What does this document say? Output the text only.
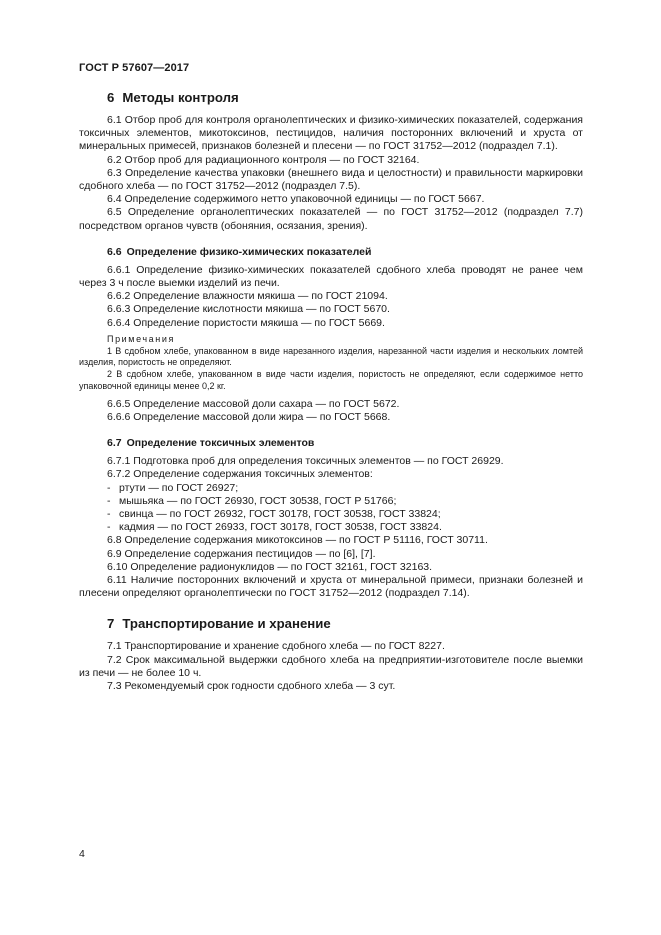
ГОСТ Р 57607—2017
6 Методы контроля

6.1 Отбор проб для контроля органолептических и физико-химических показателей, содержания токсичных элементов, микотоксинов, пестицидов, наличия посторонних включений и хруста от минеральных примесей, признаков болезней и плесени — по ГОСТ 31752—2012 (подраздел 7.1).

6.2 Отбор проб для радиационного контроля — по ГОСТ 32164.

6.3 Определение качества упаковки (внешнего вида и целостности) и правильности маркировки сдобного хлеба — по ГОСТ 31752—2012 (подраздел 7.5).

6.4 Определение содержимого нетто упаковочной единицы — по ГОСТ 5667.

6.5 Определение органолептических показателей — по ГОСТ 31752—2012 (подраздел 7.7) посредством органов чувств (обоняния, осязания, зрения).

6.6 Определение физико-химических показателей

6.6.1 Определение физико-химических показателей сдобного хлеба проводят не ранее чем через 3 ч после выемки изделий из печи.

6.6.2 Определение влажности мякиша — по ГОСТ 21094.

6.6.3 Определение кислотности мякиша — по ГОСТ 5670.

6.6.4 Определение пористости мякиша — по ГОСТ 5669.

Примечания

1 В сдобном хлебе, упакованном в виде нарезанного изделия, нарезанной части изделия и нескольких ломтей изделия, пористость не определяют.

2 В сдобном хлебе, упакованном в виде части изделия, пористость не определяют, если содержимое нетто упаковочной единицы менее 0,2 кг.

6.6.5 Определение массовой доли сахара — по ГОСТ 5672.

6.6.6 Определение массовой доли жира — по ГОСТ 5668.

6.7 Определение токсичных элементов

6.7.1 Подготовка проб для определения токсичных элементов — по ГОСТ 26929.

6.7.2 Определение содержания токсичных элементов:

- ртути — по ГОСТ 26927;
- мышьяка — по ГОСТ 26930, ГОСТ 30538, ГОСТ Р 51766;
- свинца — по ГОСТ 26932, ГОСТ 30178, ГОСТ 30538, ГОСТ 33824;
- кадмия — по ГОСТ 26933, ГОСТ 30178, ГОСТ 30538, ГОСТ 33824.

6.8 Определение содержания микотоксинов — по ГОСТ Р 51116, ГОСТ 30711.

6.9 Определение содержания пестицидов — по [6], [7].

6.10 Определение радионуклидов — по ГОСТ 32161, ГОСТ 32163.

6.11 Наличие посторонних включений и хруста от минеральной примеси, признаки болезней и плесени определяют органолептически по ГОСТ 31752—2012 (подраздел 7.14).

7 Транспортирование и хранение

7.1 Транспортирование и хранение сдобного хлеба — по ГОСТ 8227.

7.2 Срок максимальной выдержки сдобного хлеба на предприятии-изготовителе после выемки из печи — не более 10 ч.

7.3 Рекомендуемый срок годности сдобного хлеба — 3 сут.

4
